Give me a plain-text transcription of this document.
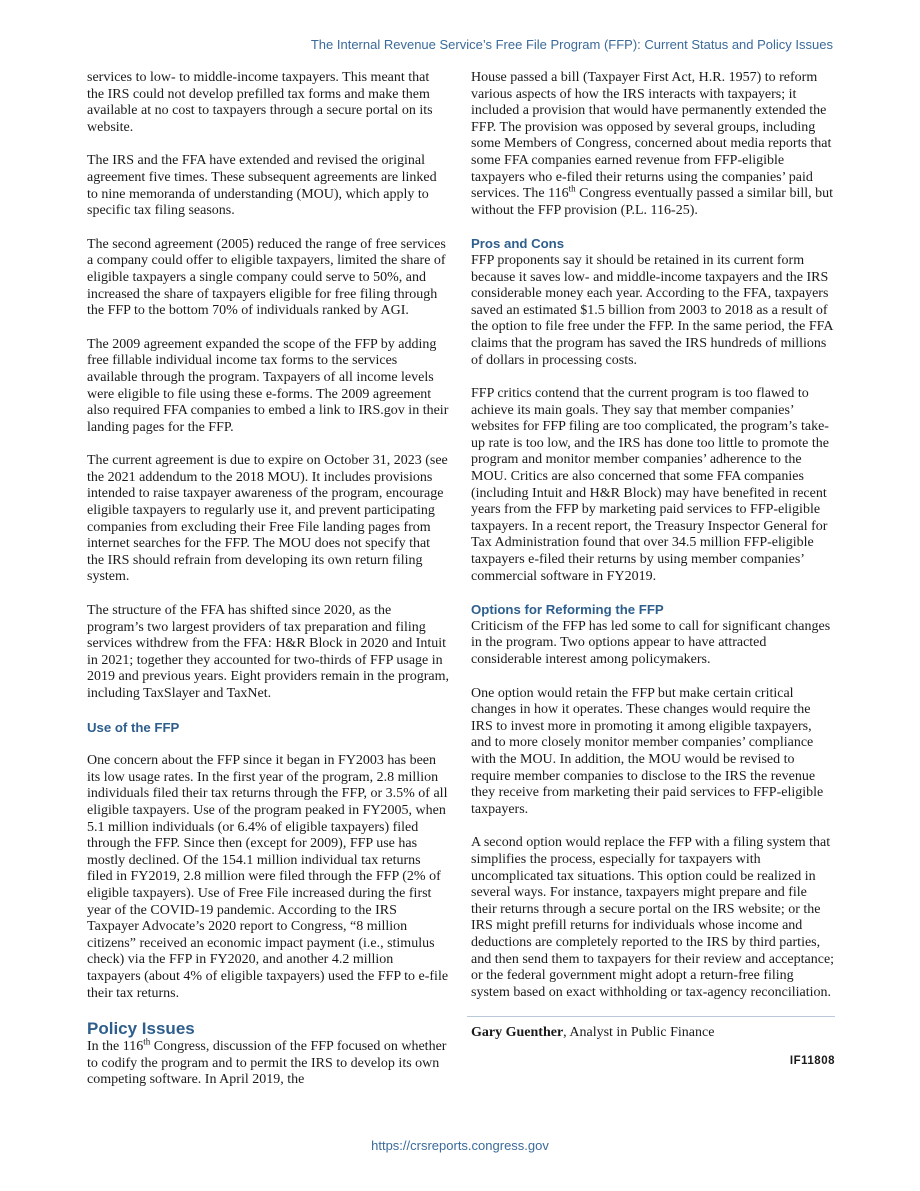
The Internal Revenue Service’s Free File Program (FFP): Current Status and Policy Issues

services to low- to middle-income taxpayers. This meant that the IRS could not develop prefilled tax forms and make them available at no cost to taxpayers through a secure portal on its website.

The IRS and the FFA have extended and revised the original agreement five times. These subsequent agreements are linked to nine memoranda of understanding (MOU), which apply to specific tax filing seasons.

The second agreement (2005) reduced the range of free services a company could offer to eligible taxpayers, limited the share of eligible taxpayers a single company could serve to 50%, and increased the share of taxpayers eligible for free filing through the FFP to the bottom 70% of individuals ranked by AGI.

The 2009 agreement expanded the scope of the FFP by adding free fillable individual income tax forms to the services available through the program. Taxpayers of all income levels were eligible to file using these e-forms. The 2009 agreement also required FFA companies to embed a link to IRS.gov in their landing pages for the FFP.

The current agreement is due to expire on October 31, 2023 (see the 2021 addendum to the 2018 MOU). It includes provisions intended to raise taxpayer awareness of the program, encourage eligible taxpayers to regularly use it, and prevent participating companies from excluding their Free File landing pages from internet searches for the FFP. The MOU does not specify that the IRS should refrain from developing its own return filing system.

The structure of the FFA has shifted since 2020, as the program’s two largest providers of tax preparation and filing services withdrew from the FFA: H&R Block in 2020 and Intuit in 2021; together they accounted for two-thirds of FFP usage in 2019 and previous years. Eight providers remain in the program, including TaxSlayer and TaxNet.

Use of the FFP

One concern about the FFP since it began in FY2003 has been its low usage rates. In the first year of the program, 2.8 million individuals filed their tax returns through the FFP, or 3.5% of all eligible taxpayers. Use of the program peaked in FY2005, when 5.1 million individuals (or 6.4% of eligible taxpayers) filed through the FFP. Since then (except for 2009), FFP use has mostly declined. Of the 154.1 million individual tax returns filed in FY2019, 2.8 million were filed through the FFP (2% of eligible taxpayers). Use of Free File increased during the first year of the COVID-19 pandemic. According to the IRS Taxpayer Advocate’s 2020 report to Congress, “8 million citizens” received an economic impact payment (i.e., stimulus check) via the FFP in FY2020, and another 4.2 million taxpayers (about 4% of eligible taxpayers) used the FFP to e-file their tax returns.

Policy Issues

In the 116th Congress, discussion of the FFP focused on whether to codify the program and to permit the IRS to develop its own competing software. In April 2019, the

House passed a bill (Taxpayer First Act, H.R. 1957) to reform various aspects of how the IRS interacts with taxpayers; it included a provision that would have permanently extended the FFP. The provision was opposed by several groups, including some Members of Congress, concerned about media reports that some FFA companies earned revenue from FFP-eligible taxpayers who e-filed their returns using the companies’ paid services. The 116th Congress eventually passed a similar bill, but without the FFP provision (P.L. 116-25).

Pros and Cons

FFP proponents say it should be retained in its current form because it saves low- and middle-income taxpayers and the IRS considerable money each year. According to the FFA, taxpayers saved an estimated $1.5 billion from 2003 to 2018 as a result of the option to file free under the FFP. In the same period, the FFA claims that the program has saved the IRS hundreds of millions of dollars in processing costs.

FFP critics contend that the current program is too flawed to achieve its main goals. They say that member companies’ websites for FFP filing are too complicated, the program’s take-up rate is too low, and the IRS has done too little to promote the program and monitor member companies’ adherence to the MOU. Critics are also concerned that some FFA companies (including Intuit and H&R Block) may have benefited in recent years from the FFP by marketing paid services to FFP-eligible taxpayers. In a recent report, the Treasury Inspector General for Tax Administration found that over 34.5 million FFP-eligible taxpayers e-filed their returns by using member companies’ commercial software in FY2019.

Options for Reforming the FFP

Criticism of the FFP has led some to call for significant changes in the program. Two options appear to have attracted considerable interest among policymakers.

One option would retain the FFP but make certain critical changes in how it operates. These changes would require the IRS to invest more in promoting it among eligible taxpayers, and to more closely monitor member companies’ compliance with the MOU. In addition, the MOU would be revised to require member companies to disclose to the IRS the revenue they receive from marketing their paid services to FFP-eligible taxpayers.

A second option would replace the FFP with a filing system that simplifies the process, especially for taxpayers with uncomplicated tax situations. This option could be realized in several ways. For instance, taxpayers might prepare and file their returns through a secure portal on the IRS website; or the IRS might prefill returns for individuals whose income and deductions are completely reported to the IRS by third parties, and then send them to taxpayers for their review and acceptance; or the federal government might adopt a return-free filing system based on exact withholding or tax-agency reconciliation.

Gary Guenther, Analyst in Public Finance

IF11808
https://crsreports.congress.gov
